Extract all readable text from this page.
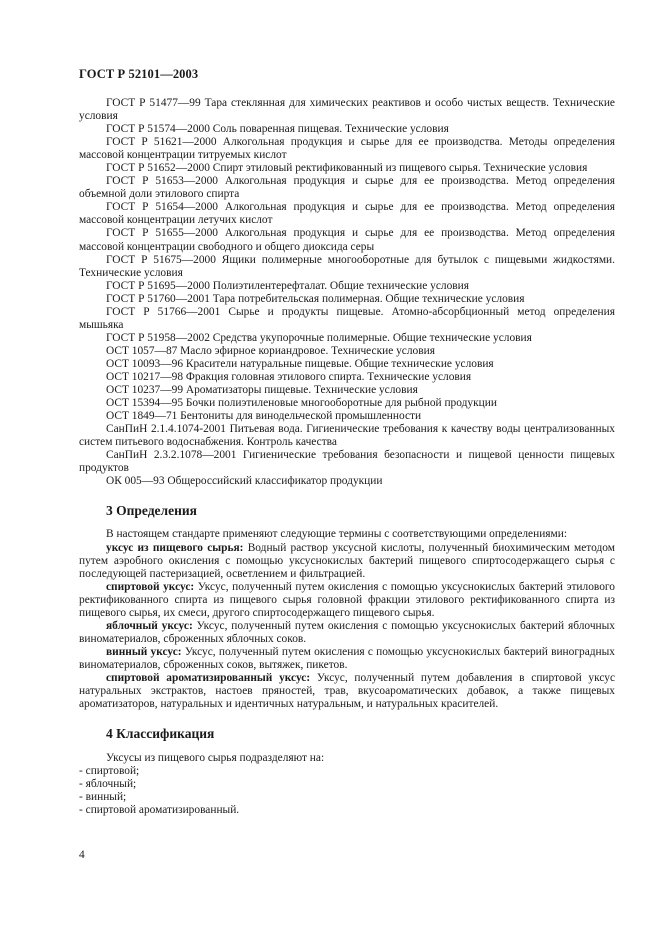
ГОСТ Р 52101—2003

ГОСТ Р 51477—99 Тара стеклянная для химических реактивов и особо чистых веществ. Технические условия

ГОСТ Р 51574—2000 Соль поваренная пищевая. Технические условия

ГОСТ Р 51621—2000 Алкогольная продукция и сырье для ее производства. Методы определения массовой концентрации титруемых кислот

ГОСТ Р 51652—2000 Спирт этиловый ректификованный из пищевого сырья. Технические условия

ГОСТ Р 51653—2000 Алкогольная продукция и сырье для ее производства. Метод определения объемной доли этилового спирта

ГОСТ Р 51654—2000 Алкогольная продукция и сырье для ее производства. Метод определения массовой концентрации летучих кислот

ГОСТ Р 51655—2000 Алкогольная продукция и сырье для ее производства. Метод определения массовой концентрации свободного и общего диоксида серы

ГОСТ Р 51675—2000 Ящики полимерные многооборотные для бутылок с пищевыми жидкостями. Технические условия

ГОСТ Р 51695—2000 Полиэтилентерефталат. Общие технические условия

ГОСТ Р 51760—2001 Тара потребительская полимерная. Общие технические условия

ГОСТ Р 51766—2001 Сырье и продукты пищевые. Атомно-абсорбционный метод определения мышьяка

ГОСТ Р 51958—2002 Средства укупорочные полимерные. Общие технические условия

ОСТ 1057—87 Масло эфирное кориандровое. Технические условия

ОСТ 10093—96 Красители натуральные пищевые. Общие технические условия

ОСТ 10217—98 Фракция головная этилового спирта. Технические условия

ОСТ 10237—99 Ароматизаторы пищевые. Технические условия

ОСТ 15394—95 Бочки полиэтиленовые многооборотные для рыбной продукции

ОСТ 1849—71 Бентониты для винодельческой промышленности

СанПиН 2.1.4.1074-2001 Питьевая вода. Гигиенические требования к качеству воды централизованных систем питьевого водоснабжения. Контроль качества

СанПиН 2.3.2.1078—2001 Гигиенические требования безопасности и пищевой ценности пищевых продуктов

ОК 005—93 Общероссийский классификатор продукции

3 Определения

В настоящем стандарте применяют следующие термины с соответствующими определениями:

уксус из пищевого сырья: Водный раствор уксусной кислоты, полученный биохимическим методом путем аэробного окисления с помощью уксуснокислых бактерий пищевого спиртосодержащего сырья с последующей пастеризацией, осветлением и фильтрацией.

спиртовой уксус: Уксус, полученный путем окисления с помощью уксуснокислых бактерий этилового ректификованного спирта из пищевого сырья головной фракции этилового ректификованного спирта из пищевого сырья, их смеси, другого спиртосодержащего пищевого сырья.

яблочный уксус: Уксус, полученный путем окисления с помощью уксуснокислых бактерий яблочных виноматериалов, сброженных яблочных соков.

винный уксус: Уксус, полученный путем окисления с помощью уксуснокислых бактерий виноградных виноматериалов, сброженных соков, вытяжек, пикетов.

спиртовой ароматизированный уксус: Уксус, полученный путем добавления в спиртовой уксус натуральных экстрактов, настоев пряностей, трав, вкусоароматических добавок, а также пищевых ароматизаторов, натуральных и идентичных натуральным, и натуральных красителей.

4 Классификация

Уксусы из пищевого сырья подразделяют на:

- спиртовой;

- яблочный;

- винный;

- спиртовой ароматизированный.

4
